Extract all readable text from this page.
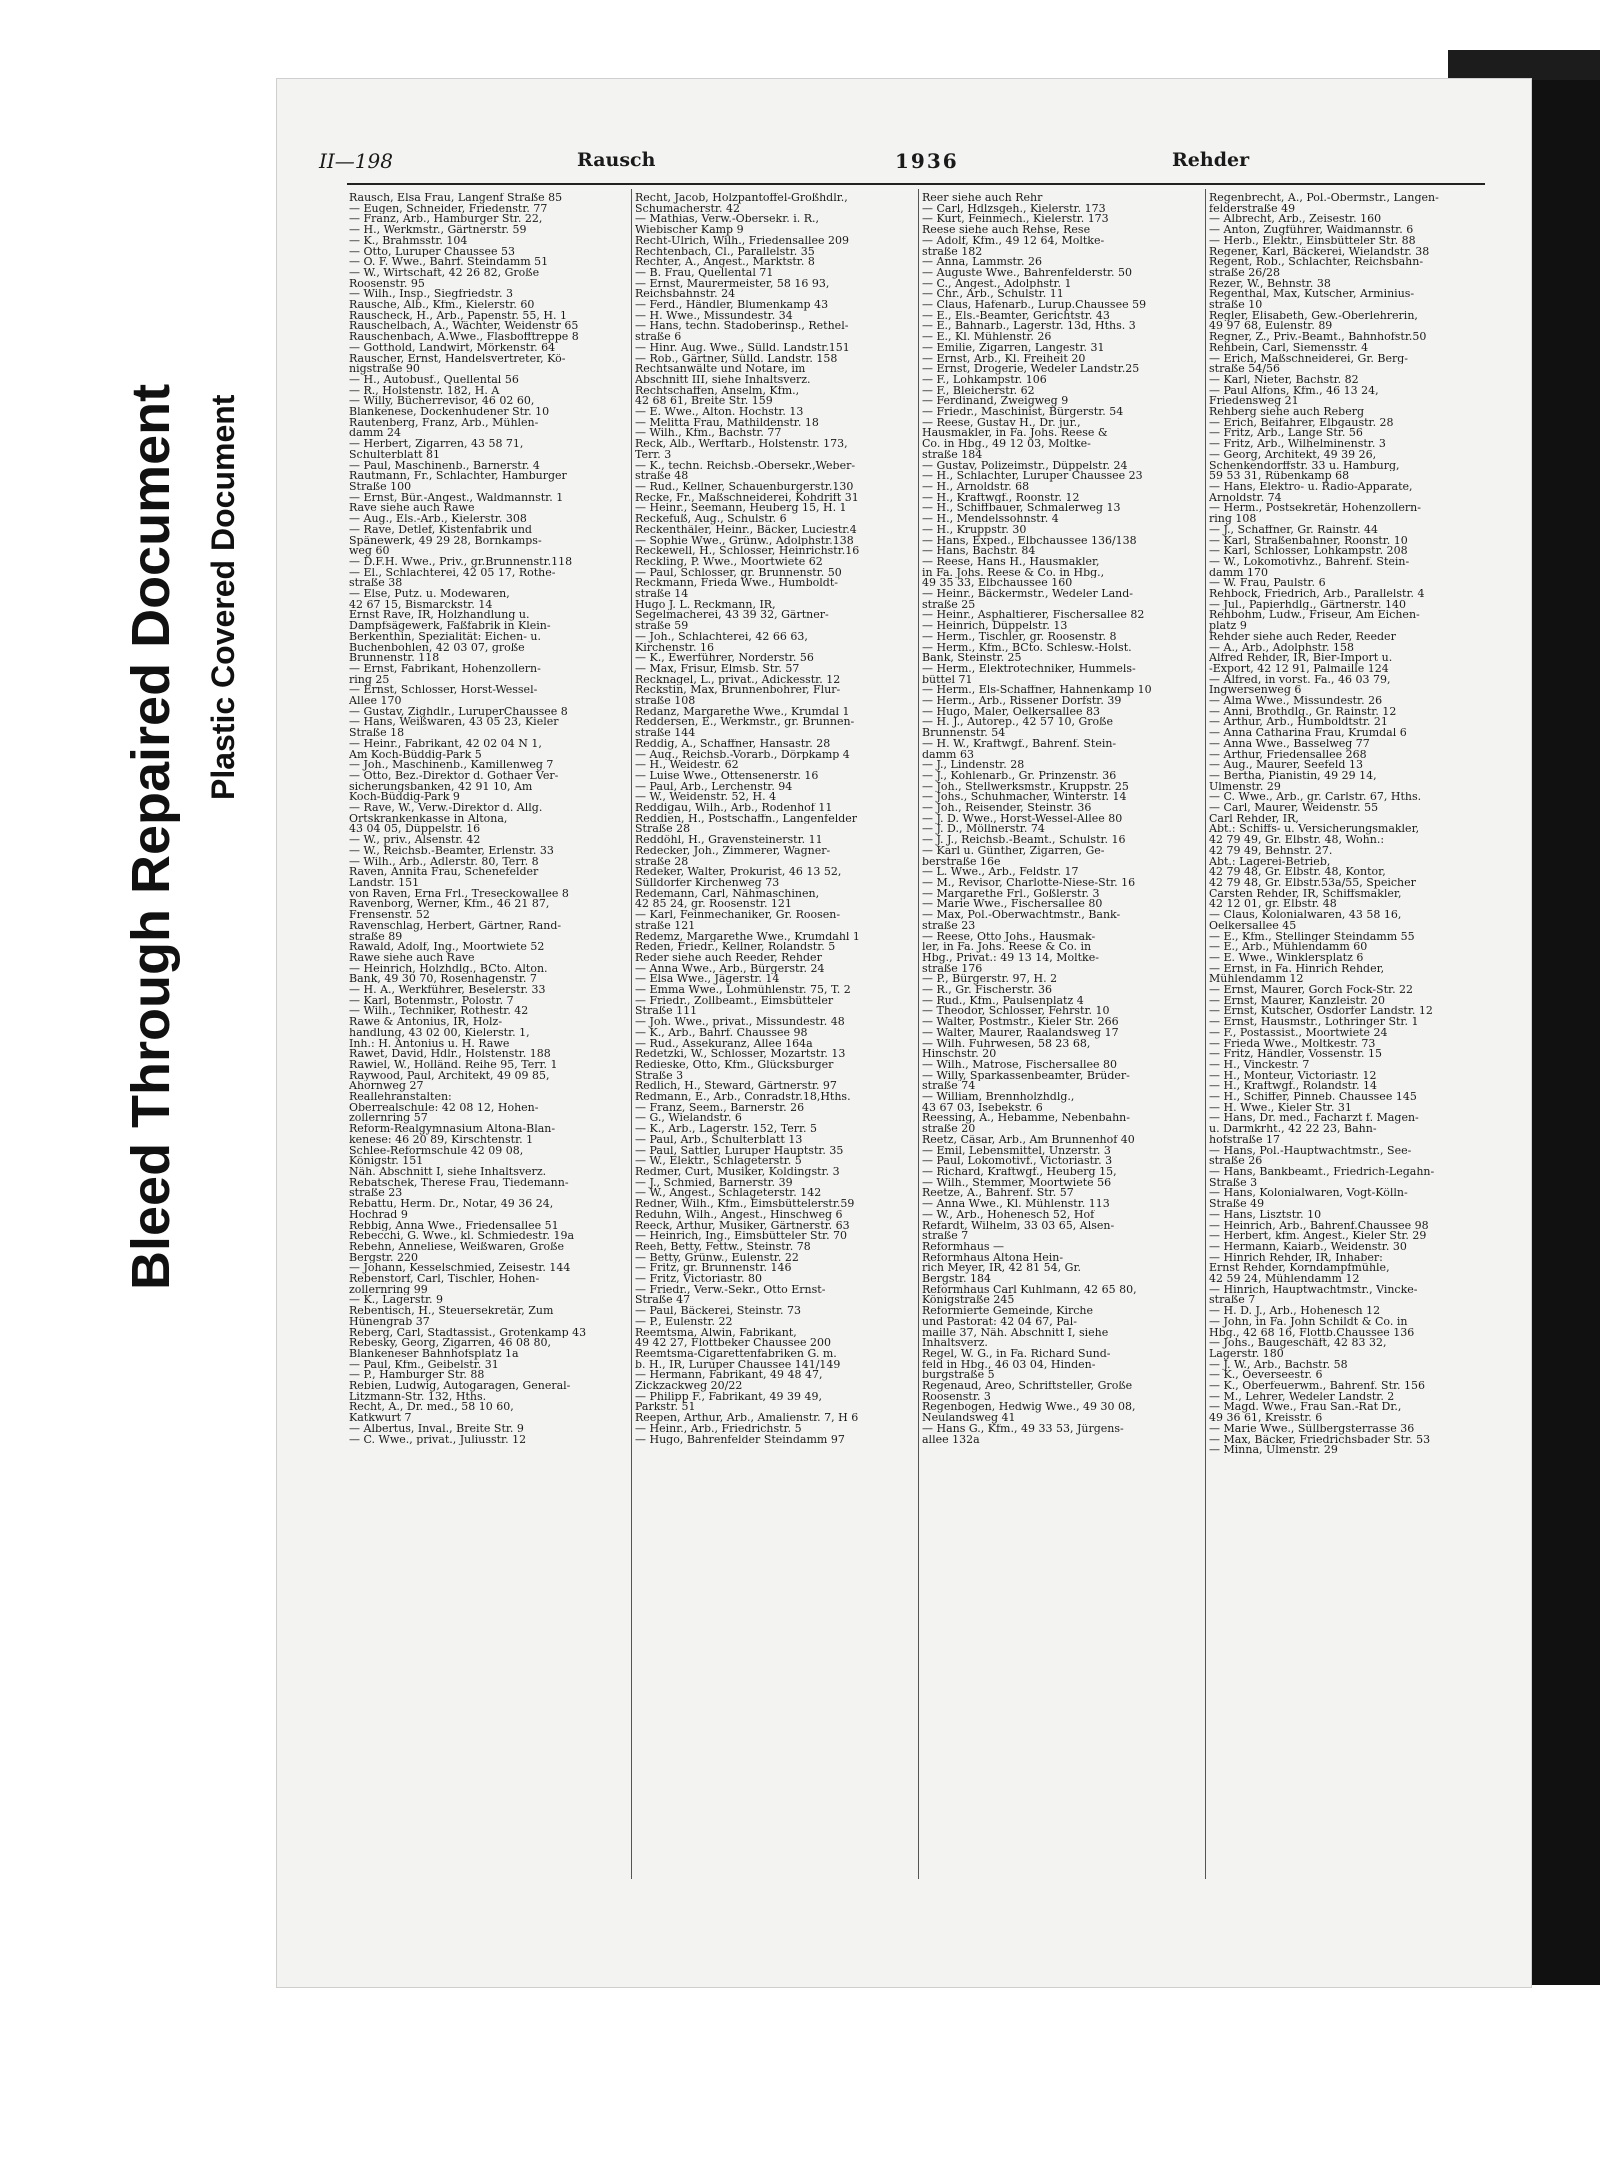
Bleed Through Repaired Document Plastic Covered Document
II—198	Rausch	1936	Rehder

Rausch, Elsa Frau, Langenf Straße 85

— Eugen, Schneider, Friedenstr. 77

— Franz, Arb., Hamburger Str. 22,

— H., Werkmstr., Gärtnerstr. 59

— K., Brahmsstr. 104

— Otto, Luruper Chaussee 53

— O. F. Wwe., Bahrf. Steindamm 51

— W., Wirtschaft, 42 26 82, Große

Roosenstr. 95

— Wilh., Insp., Siegfriedstr. 3

Rausche, Alb., Kfm., Kielerstr. 60

Rauscheck, H., Arb., Papenstr. 55, H. 1

Rauschelbach, A., Wächter, Weidenstr 65

Rauschenbach, A.Wwe., Flasbofftreppe 8

— Gotthold, Landwirt, Mörkenstr. 64

Rauscher, Ernst, Handelsvertreter, Kö-

nigstraße 90

— H., Autobusf., Quellental 56

— R., Holstenstr. 182, H. A

— Willy, Bücherrevisor, 46 02 60,

Blankenese, Dockenhudener Str. 10

Rautenberg, Franz, Arb., Mühlen-

damm 24

— Herbert, Zigarren, 43 58 71,

Schulterblatt 81

— Paul, Maschinenb., Barnerstr. 4

Rautmann, Fr., Schlachter, Hamburger

Straße 100

— Ernst, Bür.-Angest., Waldmannstr. 1

Rave siehe auch Rawe

— Aug., Els.-Arb., Kielerstr. 308

— Rave, Detlef, Kistenfabrik und

Spänewerk, 49 29 28, Bornkamps-

weg 60

— D.F.H. Wwe., Priv., gr.Brunnenstr.118

— El., Schlachterei, 42 05 17, Rothe-

straße 38

— Else, Putz. u. Modewaren,

42 67 15, Bismarckstr. 14

Ernst Rave, IR, Holzhandlung u.

Dampfsägewerk, Faßfabrik in Klein-

Berkenthin, Spezialität: Eichen- u.

Buchenbohlen, 42 03 07, große

Brunnenstr. 118

— Ernst, Fabrikant, Hohenzollern-

ring 25

— Ernst, Schlosser, Horst-Wessel-

Allee 170

— Gustav, Zighdlr., LuruperChaussee 8

— Hans, Weißwaren, 43 05 23, Kieler

Straße 18

— Heinr., Fabrikant, 42 02 04 N 1,

Am Koch-Büddig-Park 5

— Joh., Maschinenb., Kamillenweg 7

— Otto, Bez.-Direktor d. Gothaer Ver-

sicherungsbanken, 42 91 10, Am

Koch-Büddig-Park 9

— Rave, W., Verw.-Direktor d. Allg.

Ortskrankenkasse in Altona,

43 04 05, Düppelstr. 16

— W., priv., Alsenstr. 42

— W., Reichsb.-Beamter, Erlenstr. 33

— Wilh., Arb., Adlerstr. 80, Terr. 8

Raven, Annita Frau, Schenefelder

Landstr. 151

von Raven, Erna Frl., Treseckowallee 8

Ravenborg, Werner, Kfm., 46 21 87,

Frensenstr. 52

Ravenschlag, Herbert, Gärtner, Rand-

straße 89

Rawald, Adolf, Ing., Moortwiete 52

Rawe siehe auch Rave

— Heinrich, Holzhdlg., BCto. Alton.

Bank, 49 30 70, Rosenhagenstr. 7

— H. A., Werkführer, Beselerstr. 33

— Karl, Botenmstr., Polostr. 7

— Wilh., Techniker, Rothestr. 42

Rawe & Antonius, IR, Holz-

handlung, 43 02 00, Kielerstr. 1,

Inh.: H. Antonius u. H. Rawe

Rawet, David, Hdlr., Holstenstr. 188

Rawiel, W., Holländ. Reihe 95, Terr. 1

Raywood, Paul, Architekt, 49 09 85,

Ahornweg 27

Reallehranstalten:

Oberrealschule: 42 08 12, Hohen-

zollernring 57

Reform-Realgymnasium Altona-Blan-

kenese: 46 20 89, Kirschtenstr. 1

Schlee-Reformschule 42 09 08,

Königstr. 151

Näh. Abschnitt I, siehe Inhaltsverz.

Rebatschek, Therese Frau, Tiedemann-

straße 23

Rebattu, Herm. Dr., Notar, 49 36 24,

Hochrad 9

Rebbig, Anna Wwe., Friedensallee 51

Rebecchi, G. Wwe., kl. Schmiedestr. 19a

Rebehn, Anneliese, Weißwaren, Große

Bergstr. 220

— Johann, Kesselschmied, Zeisestr. 144

Rebenstorf, Carl, Tischler, Hohen-

zollernring 99

— K., Lagerstr. 9

Rebentisch, H., Steuersekretär, Zum

Hünengrab 37

Reberg, Carl, Stadtassist., Grotenkamp 43

Rebesky, Georg, Zigarren, 46 08 80,

Blankeneser Bahnhofsplatz 1a

— Paul, Kfm., Geibelstr. 31

— P., Hamburger Str. 88

Rebien, Ludwig, Autogaragen, General-

Litzmann-Str. 132, Hths.

Recht, A., Dr. med., 58 10 60,

Katkwurt 7

— Albertus, Inval., Breite Str. 9

— C. Wwe., privat., Juliusstr. 12

Recht, Jacob, Holzpantoffel-Großhdlr.,

Schumacherstr. 42

— Mathias, Verw.-Obersekr. i. R.,

Wiebischer Kamp 9

Recht-Ulrich, Wilh., Friedensallee 209

Rechtenbach, Cl., Parallelstr. 35

Rechter, A., Angest., Marktstr. 8

— B. Frau, Quellental 71

— Ernst, Maurermeister, 58 16 93,

Reichsbahnstr. 24

— Ferd., Händler, Blumenkamp 43

— H. Wwe., Missundestr. 34

— Hans, techn. Stadoberinsp., Rethel-

straße 6

— Hinr. Aug. Wwe., Sülld. Landstr.151

— Rob., Gärtner, Sülld. Landstr. 158

Rechtsanwälte und Notare, im

Abschnitt III, siehe Inhaltsverz.

Rechtschaffen, Anselm, Kfm.,

42 68 61, Breite Str. 159

— E. Wwe., Alton. Hochstr. 13

— Melitta Frau, Mathildenstr. 18

— Wilh., Kfm., Bachstr. 77

Reck, Alb., Werftarb., Holstenstr. 173,

Terr. 3

— K., techn. Reichsb.-Obersekr.,Weber-

straße 48

— Rud., Kellner, Schauenburgerstr.130

Recke, Fr., Maßschneiderei, Kohdrift 31

— Heinr., Seemann, Heuberg 15, H. 1

Reckefuß, Aug., Schulstr. 6

Reckenthäler, Heinr., Bäcker, Luciestr.4

— Sophie Wwe., Grünw., Adolphstr.138

Reckewell, H., Schlosser, Heinrichstr.16

Reckling, P. Wwe., Moortwiete 62

— Paul, Schlosser, gr. Brunnenstr. 50

Reckmann, Frieda Wwe., Humboldt-

straße 14

Hugo J. L. Reckmann, IR,

Segelmacherei, 43 39 32, Gärtner-

straße 59

— Joh., Schlachterei, 42 66 63,

Kirchenstr. 16

— K., Ewerführer, Norderstr. 56

— Max, Frisur, Elmsb. Str. 57

Recknagel, L., privat., Adickesstr. 12

Reckstin, Max, Brunnenbohrer, Flur-

straße 108

Redanz, Margarethe Wwe., Krumdal 1

Reddersen, E., Werkmstr., gr. Brunnen-

straße 144

Reddig, A., Schaffner, Hansastr. 28

— Aug., Reichsb.-Vorarb., Dörpkamp 4

— H., Weidestr. 62

— Luise Wwe., Ottensenerstr. 16

— Paul, Arb., Lerchenstr. 94

— W., Weidenstr. 52, H. 4

Reddigau, Wilh., Arb., Rodenhof 11

Reddien, H., Postschaffn., Langenfelder

Straße 28

Reddöhl, H., Gravensteinerstr. 11

Redecker, Joh., Zimmerer, Wagner-

straße 28

Redeker, Walter, Prokurist, 46 13 52,

Sülldorfer Kirchenweg 73

Redemann, Carl, Nähmaschinen,

42 85 24, gr. Roosenstr. 121

— Karl, Feinmechaniker, Gr. Roosen-

straße 121

Redemz, Margarethe Wwe., Krumdahl 1

Reden, Friedr., Kellner, Rolandstr. 5

Reder siehe auch Reeder, Rehder

— Anna Wwe., Arb., Bürgerstr. 24

— Elsa Wwe., Jägerstr. 14

— Emma Wwe., Lohmühlenstr. 75, T. 2

— Friedr., Zollbeamt., Eimsbütteler

Straße 111

— Joh. Wwe., privat., Missundestr. 48

— K., Arb., Bahrf. Chaussee 98

— Rud., Assekuranz, Allee 164a

Redetzki, W., Schlosser, Mozartstr. 13

Redieske, Otto, Kfm., Glücksburger

Straße 3

Redlich, H., Steward, Gärtnerstr. 97

Redmann, E., Arb., Conradstr.18,Hths.

— Franz, Seem., Barnerstr. 26

— G., Wielandstr. 6

— K., Arb., Lagerstr. 152, Terr. 5

— Paul, Arb., Schulterblatt 13

— Paul, Sattler, Luruper Hauptstr. 35

— W., Elektr., Schlageterstr. 5

Redmer, Curt, Musiker, Koldingstr. 3

— J., Schmied, Barnerstr. 39

— W., Angest., Schlageterstr. 142

Redner, Wilh., Kfm., Eimsbüttelerstr.59

Reduhn, Wilh., Angest., Hinschweg 6

Reeck, Arthur, Musiker, Gärtnerstr. 63

— Heinrich, Ing., Eimsbütteler Str. 70

Reeh, Betty, Fettw., Steinstr. 78

— Betty, Grünw., Eulenstr. 22

— Fritz, gr. Brunnenstr. 146

— Fritz, Victoriastr. 80

— Friedr., Verw.-Sekr., Otto Ernst-

Straße 47

— Paul, Bäckerei, Steinstr. 73

— P., Eulenstr. 22

Reemtsma, Alwin, Fabrikant,

49 42 27, Flottbeker Chaussee 200

Reemtsma-Cigarettenfabriken G. m.

b. H., IR, Luruper Chaussee 141/149

— Hermann, Fabrikant, 49 48 47,

Zickzackweg 20/22

— Philipp F., Fabrikant, 49 39 49,

Parkstr. 51

Reepen, Arthur, Arb., Amalienstr. 7, H 6

— Heinr., Arb., Friedrichstr. 5

— Hugo, Bahrenfelder Steindamm 97

Reer siehe auch Rehr

— Carl, Hdlzsgeh., Kielerstr. 173

— Kurt, Feinmech., Kielerstr. 173

Reese siehe auch Rehse, Rese

— Adolf, Kfm., 49 12 64, Moltke-

straße 182

— Anna, Lammstr. 26

— Auguste Wwe., Bahrenfelderstr. 50

— C., Angest., Adolphstr. 1

— Chr., Arb., Schulstr. 11

— Claus, Hafenarb., Lurup.Chaussee 59

— E., Els.-Beamter, Gerichtstr. 43

— E., Bahnarb., Lagerstr. 13d, Hths. 3

— E., Kl. Mühlenstr. 26

— Emilie, Zigarren, Langestr. 31

— Ernst, Arb., Kl. Freiheit 20

— Ernst, Drogerie, Wedeler Landstr.25

— F., Lohkampstr. 106

— F., Bleicherstr. 62

— Ferdinand, Zweigweg 9

— Friedr., Maschinist, Bürgerstr. 54

— Reese, Gustav H., Dr. jur.,

Hausmakler, in Fa. Johs. Reese &

Co. in Hbg., 49 12 03, Moltke-

straße 184

— Gustav, Polizeimstr., Düppelstr. 24

— H., Schlachter, Luruper Chaussee 23

— H., Arnoldstr. 68

— H., Kraftwgf., Roonstr. 12

— H., Schiffbauer, Schmalerweg 13

— H., Mendelssohnstr. 4

— H., Kruppstr. 30

— Hans, Exped., Elbchaussee 136/138

— Hans, Bachstr. 84

— Reese, Hans H., Hausmakler,

in Fa. Johs. Reese & Co. in Hbg.,

49 35 33, Elbchaussee 160

— Heinr., Bäckermstr., Wedeler Land-

straße 25

— Heinr., Asphaltierer, Fischersallee 82

— Heinrich, Düppelstr. 13

— Herm., Tischler, gr. Roosenstr. 8

— Herm., Kfm., BCto. Schlesw.-Holst.

Bank, Steinstr. 25

— Herm., Elektrotechniker, Hummels-

büttel 71

— Herm., Els-Schaffner, Hahnenkamp 10

— Herm., Arb., Rissener Dorfstr. 39

— Hugo, Maler, Oelkersallee 83

— H. J., Autorep., 42 57 10, Große

Brunnenstr. 54

— H. W., Kraftwgf., Bahrenf. Stein-

damm 63

— J., Lindenstr. 28

— J., Kohlenarb., Gr. Prinzenstr. 36

— Joh., Stellwerksmstr., Kruppstr. 25

— Johs., Schuhmacher, Winterstr. 14

— Joh., Reisender, Steinstr. 36

— J. D. Wwe., Horst-Wessel-Allee 80

— J. D., Möllnerstr. 74

— J. J., Reichsb.-Beamt., Schulstr. 16

— Karl u. Günther, Zigarren, Ge-

berstraße 16e

— L. Wwe., Arb., Feldstr. 17

— M., Revisor, Charlotte-Niese-Str. 16

— Margarethe Frl., Goßlerstr. 3

— Marie Wwe., Fischersallee 80

— Max, Pol.-Oberwachtmstr., Bank-

straße 23

— Reese, Otto Johs., Hausmak-

ler, in Fa. Johs. Reese & Co. in

Hbg., Privat.: 49 13 14, Moltke-

straße 176

— P., Bürgerstr. 97, H. 2

— R., Gr. Fischerstr. 36

— Rud., Kfm., Paulsenplatz 4

— Theodor, Schlosser, Fehrstr. 10

— Walter, Postmstr., Kieler Str. 266

— Walter, Maurer, Raalandsweg 17

— Wilh. Fuhrwesen, 58 23 68,

Hinschstr. 20

— Wilh., Matrose, Fischersallee 80

— Willy, Sparkassenbeamter, Brüder-

straße 74

— William, Brennholzhdlg.,

43 67 03, Isebekstr. 6

Reessing, A., Hebamme, Nebenbahn-

straße 20

Reetz, Cäsar, Arb., Am Brunnenhof 40

— Emil, Lebensmittel, Unzerstr. 3

— Paul, Lokomotivf., Victoriastr. 3

— Richard, Kraftwgf., Heuberg 15,

— Wilh., Stemmer, Moortwiete 56

Reetze, A., Bahrenf. Str. 57

— Anna Wwe., Kl. Mühlenstr. 113

— W., Arb., Hohenesch 52, Hof

Refardt, Wilhelm, 33 03 65, Alsen-

straße 7

Reformhaus —

Reformhaus Altona Hein-

rich Meyer, IR, 42 81 54, Gr.

Bergstr. 184

Reformhaus Carl Kuhlmann, 42 65 80,

Königstraße 245

Reformierte Gemeinde, Kirche

und Pastorat: 42 04 67, Pal-

maille 37, Näh. Abschnitt I, siehe

Inhaltsverz.

Regel, W. G., in Fa. Richard Sund-

feld in Hbg., 46 03 04, Hinden-

burgstraße 5

Regenaud, Areo, Schriftsteller, Große

Roosenstr. 3

Regenbogen, Hedwig Wwe., 49 30 08,

Neulandsweg 41

— Hans G., Kfm., 49 33 53, Jürgens-

allee 132a

Regenbrecht, A., Pol.-Obermstr., Langen-

felderstraße 49

— Albrecht, Arb., Zeisestr. 160

— Anton, Zugführer, Waidmannstr. 6

— Herb., Elektr., Einsbütteler Str. 88

Regener, Karl, Bäckerei, Wielandstr. 38

Regent, Rob., Schlachter, Reichsbahn-

straße 26/28

Rezer, W., Behnstr. 38

Regenthal, Max, Kutscher, Arminius-

straße 10

Regler, Elisabeth, Gew.-Oberlehrerin,

49 97 68, Eulenstr. 89

Regner, Z., Priv.-Beamt., Bahnhofstr.50

Rehbein, Carl, Siemensstr. 4

— Erich, Maßschneiderei, Gr. Berg-

straße 54/56

— Karl, Nieter, Bachstr. 82

— Paul Alfons, Kfm., 46 13 24,

Friedensweg 21

Rehberg siehe auch Reberg

— Erich, Beifahrer, Elbgaustr. 28

— Fritz, Arb., Lange Str. 56

— Fritz, Arb., Wilhelminenstr. 3

— Georg, Architekt, 49 39 26,

Schenkendorffstr. 33 u. Hamburg,

59 53 31, Rübenkamp 68

— Hans, Elektro- u. Radio-Apparate,

Arnoldstr. 74

— Herm., Postsekretär, Hohenzollern-

ring 108

— J., Schaffner, Gr. Rainstr. 44

— Karl, Straßenbahner, Roonstr. 10

— Karl, Schlosser, Lohkampstr. 208

— W., Lokomotivhz., Bahrenf. Stein-

damm 170

— W. Frau, Paulstr. 6

Rehbock, Friedrich, Arb., Parallelstr. 4

— Jul., Papierhdlg., Gärtnerstr. 140

Rehbohm, Ludw., Friseur, Am Eichen-

platz 9

Rehder siehe auch Reder, Reeder

— A., Arb., Adolphstr. 158

Alfred Rehder, IR, Bier-Import u.

-Export, 42 12 91, Palmaille 124

— Alfred, in vorst. Fa., 46 03 79,

Ingwersenweg 6

— Alma Wwe., Missundestr. 26

— Anni, Brothdlg., Gr. Rainstr. 12

— Arthur, Arb., Humboldtstr. 21

— Anna Catharina Frau, Krumdal 6

— Anna Wwe., Basselweg 77

— Arthur, Friedensallee 268

— Aug., Maurer, Seefeld 13

— Bertha, Pianistin, 49 29 14,

Ulmenstr. 29

— C. Wwe., Arb., gr. Carlstr. 67, Hths.

— Carl, Maurer, Weidenstr. 55

Carl Rehder, IR,

Abt.: Schiffs- u. Versicherungsmakler,

42 79 49, Gr. Elbstr. 48, Wohn.:

42 79 49, Behnstr. 27.

Abt.: Lagerei-Betrieb,

42 79 48, Gr. Elbstr. 48, Kontor,

42 79 48, Gr. Elbstr.53a/55, Speicher

Carsten Rehder, IR, Schiffsmakler,

42 12 01, gr. Elbstr. 48

— Claus, Kolonialwaren, 43 58 16,

Oelkersallee 45

— E., Kfm., Stellinger Steindamm 55

— E., Arb., Mühlendamm 60

— E. Wwe., Winklersplatz 6

— Ernst, in Fa. Hinrich Rehder,

Mühlendamm 12

— Ernst, Maurer, Gorch Fock-Str. 22

— Ernst, Maurer, Kanzleistr. 20

— Ernst, Kutscher, Osdorfer Landstr. 12

— Ernst, Hausmstr., Lothringer Str. 1

— F., Postassist., Moortwiete 24

— Frieda Wwe., Moltkestr. 73

— Fritz, Händler, Vossenstr. 15

— H., Vinckestr. 7

— H., Monteur, Victoriastr. 12

— H., Kraftwgf., Rolandstr. 14

— H., Schiffer, Pinneb. Chaussee 145

— H. Wwe., Kieler Str. 31

— Hans, Dr. med., Facharzt f. Magen-

u. Darmkrht., 42 22 23, Bahn-

hofstraße 17

— Hans, Pol.-Hauptwachtmstr., See-

straße 26

— Hans, Bankbeamt., Friedrich-Legahn-

Straße 3

— Hans, Kolonialwaren, Vogt-Kölln-

Straße 49

— Hans, Lisztstr. 10

— Heinrich, Arb., Bahrenf.Chaussee 98

— Herbert, kfm. Angest., Kieler Str. 29

— Hermann, Kaiarb., Weidenstr. 30

— Hinrich Rehder, IR, Inhaber:

Ernst Rehder, Korndampfmühle,

42 59 24, Mühlendamm 12

— Hinrich, Hauptwachtmstr., Vincke-

straße 7

— H. D. J., Arb., Hohenesch 12

— John, in Fa. John Schildt & Co. in

Hbg., 42 68 16, Flottb.Chaussee 136

— Johs., Baugeschäft, 42 83 32,

Lagerstr. 180

— J. W., Arb., Bachstr. 58

— K., Oeverseestr. 6

— K., Oberfeuerwm., Bahrenf. Str. 156

— M., Lehrer, Wedeler Landstr. 2

— Magd. Wwe., Frau San.-Rat Dr.,

49 36 61, Kreisstr. 6

— Marie Wwe., Süllbergsterrasse 36

— Max, Bäcker, Friedrichsbader Str. 53

— Minna, Ulmenstr. 29
